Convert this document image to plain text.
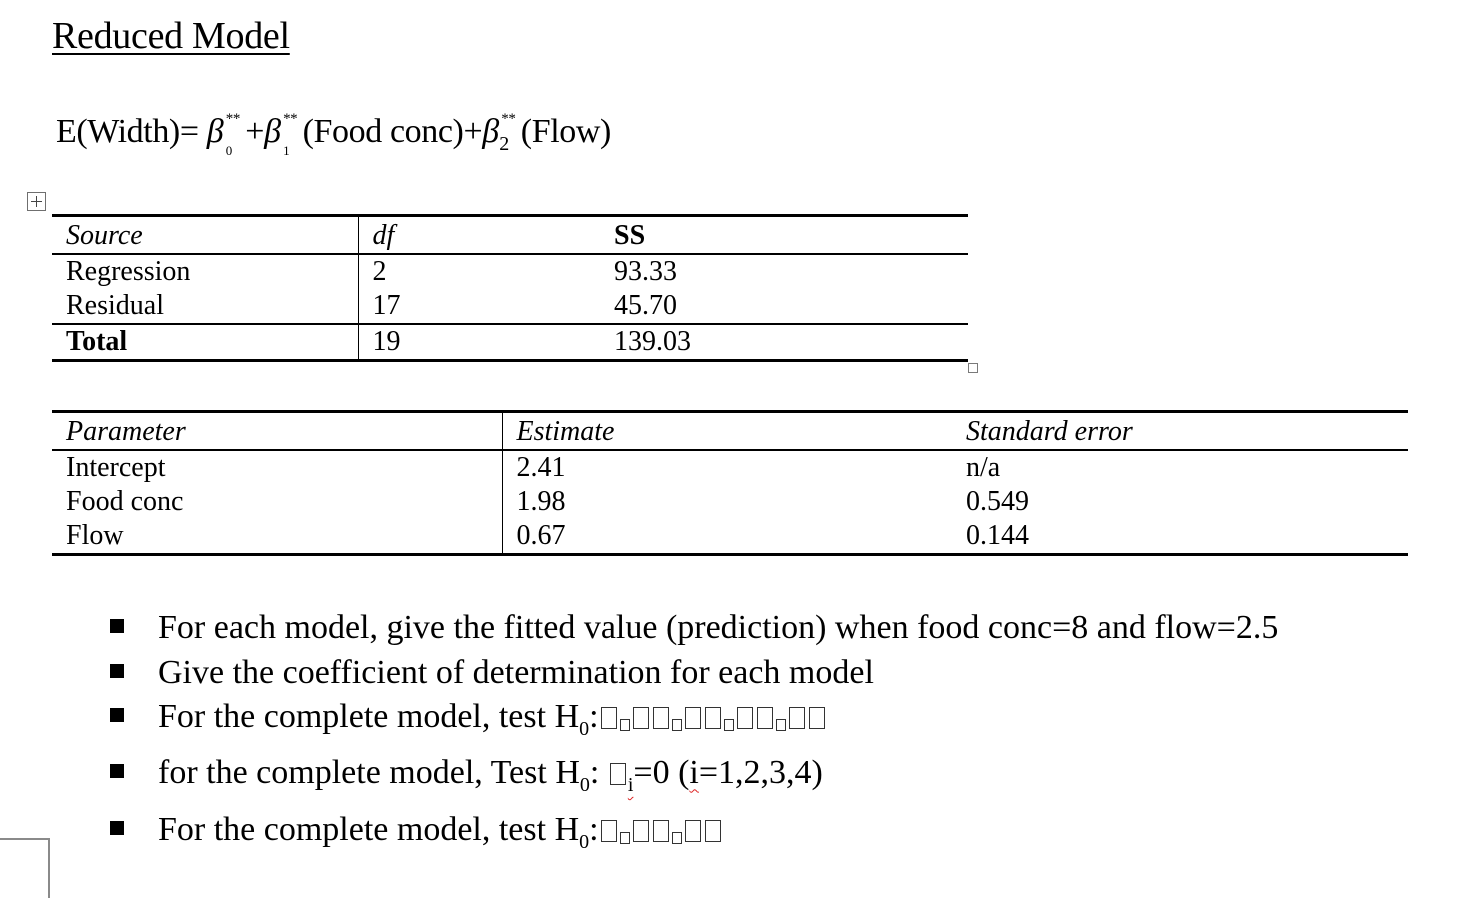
Reduced Model
E(Width)= β **
0
+β **
1
(Food conc)+β **
2 (Flow)
Source	df	SS
Regression	2	93.33
Residual	17	45.70
Total	19	139.03
Parameter	Estimate	Standard error
Intercept	2.41	n/a
Food conc	1.98	0.549
Flow	0.67	0.144
For each model, give the fitted value (prediction) when food conc=8 and flow=2.5
Give the coefficient of determination for each model
For the complete model, test $H_0$:
for the complete model, Test $H_0$: $_i$=0 (i=1,2,3,4)
For the complete model, test $H_0$:
